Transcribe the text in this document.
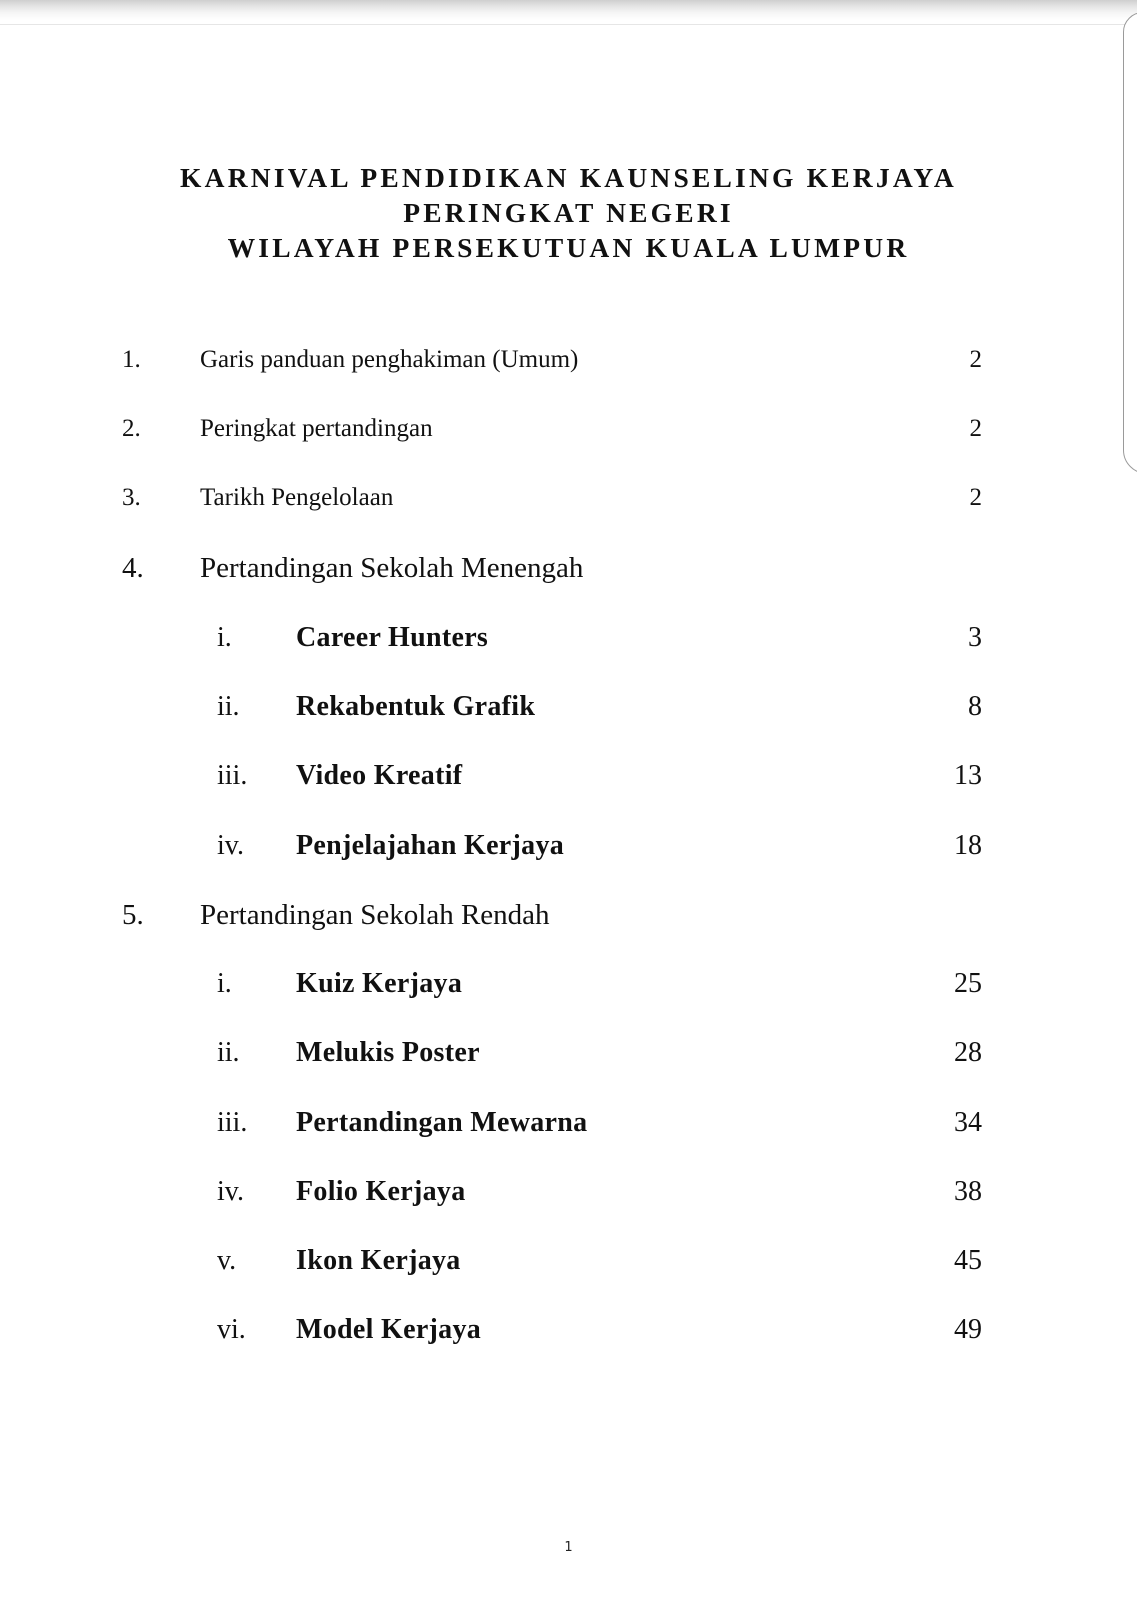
KARNIVAL PENDIDIKAN KAUNSELING KERJAYA
PERINGKAT NEGERI
WILAYAH PERSEKUTUAN KUALA LUMPUR
1. Garis panduan penghakiman (Umum)	2
2. Peringkat pertandingan	2
3. Tarikh Pengelolaan	2
4. Pertandingan Sekolah Menengah
i. Career Hunters	3
ii. Rekabentuk Grafik	8
iii. Video Kreatif	13
iv. Penjelajahan Kerjaya	18
5. Pertandingan Sekolah Rendah
i. Kuiz Kerjaya	25
ii. Melukis Poster	28
iii. Pertandingan Mewarna	34
iv. Folio Kerjaya	38
v. Ikon Kerjaya	45
vi. Model Kerjaya	49
1
